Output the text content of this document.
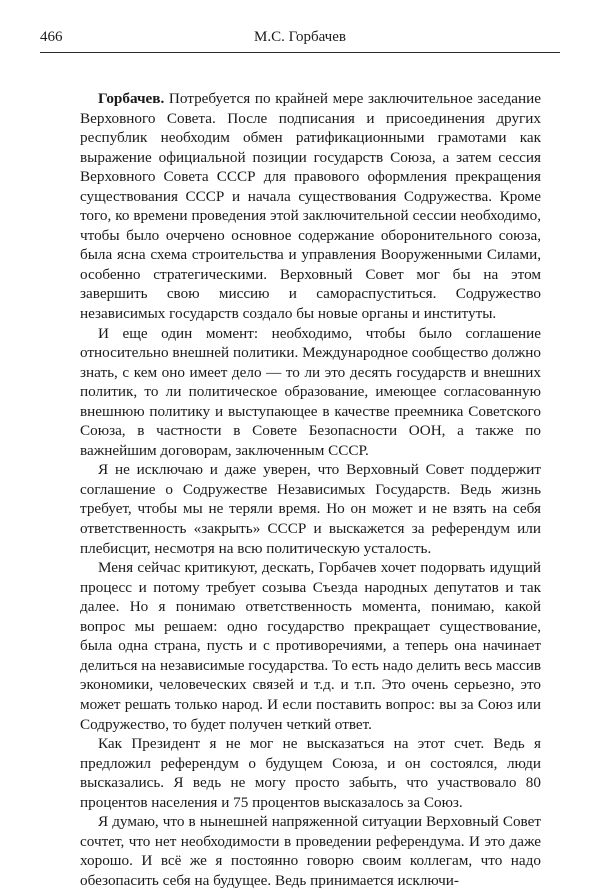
466	М.С. Горбачев

Горбачев. Потребуется по крайней мере заключительное заседание Верховного Совета. После подписания и присоединения других республик необходим обмен ратификационными грамотами как выражение официальной позиции государств Союза, а затем сессия Верховного Совета СССР для правового оформления прекращения существования СССР и начала существования Содружества. Кроме того, ко времени проведения этой заключительной сессии необходимо, чтобы было очерчено основное содержание оборонительного союза, была ясна схема строительства и управления Вооруженными Силами, особенно стратегическими. Верховный Совет мог бы на этом завершить свою миссию и самораспуститься. Содружество независимых государств создало бы новые органы и институты.

И еще один момент: необходимо, чтобы было соглашение относительно внешней политики. Международное сообщество должно знать, с кем оно имеет дело — то ли это десять государств и внешних политик, то ли политическое образование, имеющее согласованную внешнюю политику и выступающее в качестве преемника Советского Союза, в частности в Совете Безопасности ООН, а также по важнейшим договорам, заключенным СССР.

Я не исключаю и даже уверен, что Верховный Совет поддержит соглашение о Содружестве Независимых Государств. Ведь жизнь требует, чтобы мы не теряли время. Но он может и не взять на себя ответственность «закрыть» СССР и выскажется за референдум или плебисцит, несмотря на всю политическую усталость.

Меня сейчас критикуют, дескать, Горбачев хочет подорвать идущий процесс и потому требует созыва Съезда народных депутатов и так далее. Но я понимаю ответственность момента, понимаю, какой вопрос мы решаем: одно государство прекращает существование, была одна страна, пусть и с противоречиями, а теперь она начинает делиться на независимые государства. То есть надо делить весь массив экономики, человеческих связей и т.д. и т.п. Это очень серьезно, это может решать только народ. И если поставить вопрос: вы за Союз или Содружество, то будет получен четкий ответ.

Как Президент я не мог не высказаться на этот счет. Ведь я предложил референдум о будущем Союза, и он состоялся, люди высказались. Я ведь не могу просто забыть, что участвовало 80 процентов населения и 75 процентов высказалось за Союз.

Я думаю, что в нынешней напряженной ситуации Верховный Совет сочтет, что нет необходимости в проведении референдума. И это даже хорошо. И всё же я постоянно говорю своим коллегам, что надо обезопасить себя на будущее. Ведь принимается исключи-
